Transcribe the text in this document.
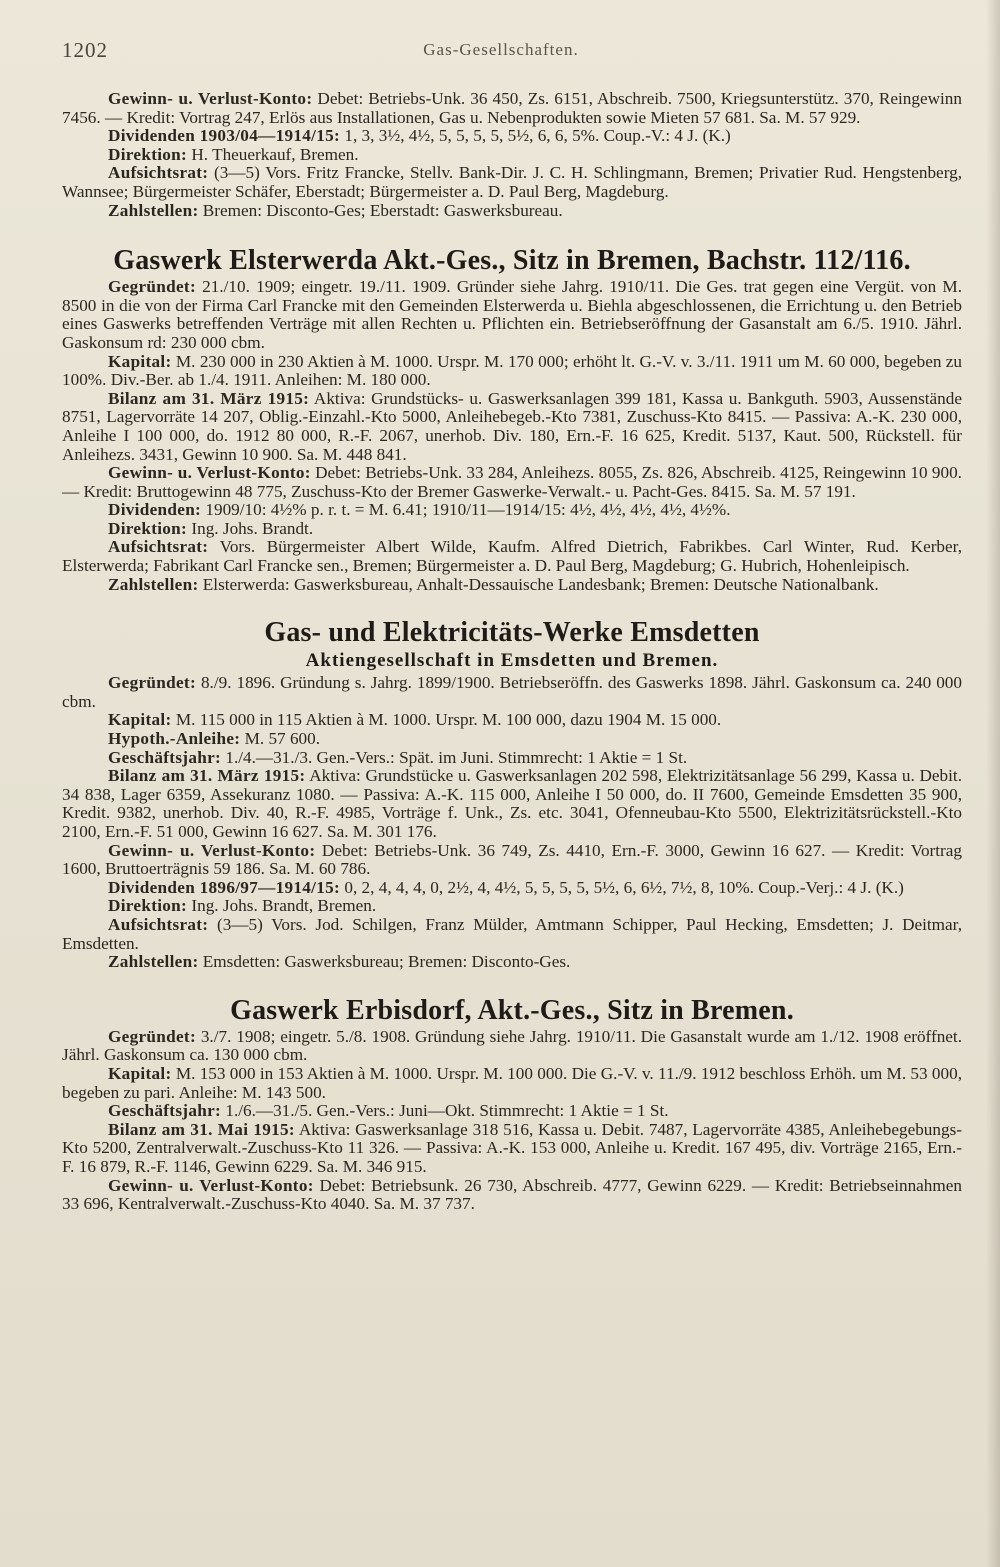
1202	Gas-Gesellschaften.

Gewinn- u. Verlust-Konto: Debet: Betriebs-Unk. 36 450, Zs. 6151, Abschreib. 7500, Kriegsunterstütz. 370, Reingewinn 7456. — Kredit: Vortrag 247, Erlös aus Installationen, Gas u. Nebenprodukten sowie Mieten 57 681. Sa. M. 57 929.

Dividenden 1903/04—1914/15: 1, 3, 3½, 4½, 5, 5, 5, 5, 5½, 6, 6, 5%. Coup.-V.: 4 J. (K.)

Direktion: H. Theuerkauf, Bremen.

Aufsichtsrat: (3—5) Vors. Fritz Francke, Stellv. Bank-Dir. J. C. H. Schlingmann, Bremen; Privatier Rud. Hengstenberg, Wannsee; Bürgermeister Schäfer, Eberstadt; Bürgermeister a. D. Paul Berg, Magdeburg.

Zahlstellen: Bremen: Disconto-Ges; Eberstadt: Gaswerksbureau.

Gaswerk Elsterwerda Akt.-Ges., Sitz in Bremen, Bachstr. 112/116.

Gegründet: 21./10. 1909; eingetr. 19./11. 1909. Gründer siehe Jahrg. 1910/11. Die Ges. trat gegen eine Vergüt. von M. 8500 in die von der Firma Carl Francke mit den Gemeinden Elsterwerda u. Biehla abgeschlossenen, die Errichtung u. den Betrieb eines Gaswerks betreffenden Verträge mit allen Rechten u. Pflichten ein. Betriebseröffnung der Gasanstalt am 6./5. 1910. Jährl. Gaskonsum rd: 230 000 cbm.

Kapital: M. 230 000 in 230 Aktien à M. 1000. Urspr. M. 170 000; erhöht lt. G.-V. v. 3./11. 1911 um M. 60 000, begeben zu 100%. Div.-Ber. ab 1./4. 1911. Anleihen: M. 180 000.

Bilanz am 31. März 1915: Aktiva: Grundstücks- u. Gaswerksanlagen 399 181, Kassa u. Bankguth. 5903, Aussenstände 8751, Lagervorräte 14 207, Oblig.-Einzahl.-Kto 5000, Anleihebegeb.-Kto 7381, Zuschuss-Kto 8415. — Passiva: A.-K. 230 000, Anleihe I 100 000, do. 1912 80 000, R.-F. 2067, unerhob. Div. 180, Ern.-F. 16 625, Kredit. 5137, Kaut. 500, Rückstell. für Anleihezs. 3431, Gewinn 10 900. Sa. M. 448 841.

Gewinn- u. Verlust-Konto: Debet: Betriebs-Unk. 33 284, Anleihezs. 8055, Zs. 826, Abschreib. 4125, Reingewinn 10 900. — Kredit: Bruttogewinn 48 775, Zuschuss-Kto der Bremer Gaswerke-Verwalt.- u. Pacht-Ges. 8415. Sa. M. 57 191.

Dividenden: 1909/10: 4½% p. r. t. = M. 6.41; 1910/11—1914/15: 4½, 4½, 4½, 4½, 4½%.

Direktion: Ing. Johs. Brandt.

Aufsichtsrat: Vors. Bürgermeister Albert Wilde, Kaufm. Alfred Dietrich, Fabrikbes. Carl Winter, Rud. Kerber, Elsterwerda; Fabrikant Carl Francke sen., Bremen; Bürgermeister a. D. Paul Berg, Magdeburg; G. Hubrich, Hohenleipisch.

Zahlstellen: Elsterwerda: Gaswerksbureau, Anhalt-Dessauische Landesbank; Bremen: Deutsche Nationalbank.

Gas- und Elektricitäts-Werke Emsdetten
Aktiengesellschaft in Emsdetten und Bremen.

Gegründet: 8./9. 1896. Gründung s. Jahrg. 1899/1900. Betriebseröffn. des Gaswerks 1898. Jährl. Gaskonsum ca. 240 000 cbm.

Kapital: M. 115 000 in 115 Aktien à M. 1000. Urspr. M. 100 000, dazu 1904 M. 15 000.

Hypoth.-Anleihe: M. 57 600.

Geschäftsjahr: 1./4.—31./3. Gen.-Vers.: Spät. im Juni. Stimmrecht: 1 Aktie = 1 St.

Bilanz am 31. März 1915: Aktiva: Grundstücke u. Gaswerksanlagen 202 598, Elektrizitätsanlage 56 299, Kassa u. Debit. 34 838, Lager 6359, Assekuranz 1080. — Passiva: A.-K. 115 000, Anleihe I 50 000, do. II 7600, Gemeinde Emsdetten 35 900, Kredit. 9382, unerhob. Div. 40, R.-F. 4985, Vorträge f. Unk., Zs. etc. 3041, Ofenneubau-Kto 5500, Elektrizitätsrückstell.-Kto 2100, Ern.-F. 51 000, Gewinn 16 627. Sa. M. 301 176.

Gewinn- u. Verlust-Konto: Debet: Betriebs-Unk. 36 749, Zs. 4410, Ern.-F. 3000, Gewinn 16 627. — Kredit: Vortrag 1600, Bruttoerträgnis 59 186. Sa. M. 60 786.

Dividenden 1896/97—1914/15: 0, 2, 4, 4, 4, 0, 2½, 4, 4½, 5, 5, 5, 5, 5½, 6, 6½, 7½, 8, 10%. Coup.-Verj.: 4 J. (K.)

Direktion: Ing. Johs. Brandt, Bremen.

Aufsichtsrat: (3—5) Vors. Jod. Schilgen, Franz Mülder, Amtmann Schipper, Paul Hecking, Emsdetten; J. Deitmar, Emsdetten.

Zahlstellen: Emsdetten: Gaswerksbureau; Bremen: Disconto-Ges.

Gaswerk Erbisdorf, Akt.-Ges., Sitz in Bremen.

Gegründet: 3./7. 1908; eingetr. 5./8. 1908. Gründung siehe Jahrg. 1910/11. Die Gasanstalt wurde am 1./12. 1908 eröffnet. Jährl. Gaskonsum ca. 130 000 cbm.

Kapital: M. 153 000 in 153 Aktien à M. 1000. Urspr. M. 100 000. Die G.-V. v. 11./9. 1912 beschloss Erhöh. um M. 53 000, begeben zu pari. Anleihe: M. 143 500.

Geschäftsjahr: 1./6.—31./5. Gen.-Vers.: Juni—Okt. Stimmrecht: 1 Aktie = 1 St.

Bilanz am 31. Mai 1915: Aktiva: Gaswerksanlage 318 516, Kassa u. Debit. 7487, Lagervorräte 4385, Anleihebegebungs-Kto 5200, Zentralverwalt.-Zuschuss-Kto 11 326. — Passiva: A.-K. 153 000, Anleihe u. Kredit. 167 495, div. Vorträge 2165, Ern.-F. 16 879, R.-F. 1146, Gewinn 6229. Sa. M. 346 915.

Gewinn- u. Verlust-Konto: Debet: Betriebsunk. 26 730, Abschreib. 4777, Gewinn 6229. — Kredit: Betriebseinnahmen 33 696, Kentralverwalt.-Zuschuss-Kto 4040. Sa. M. 37 737.
